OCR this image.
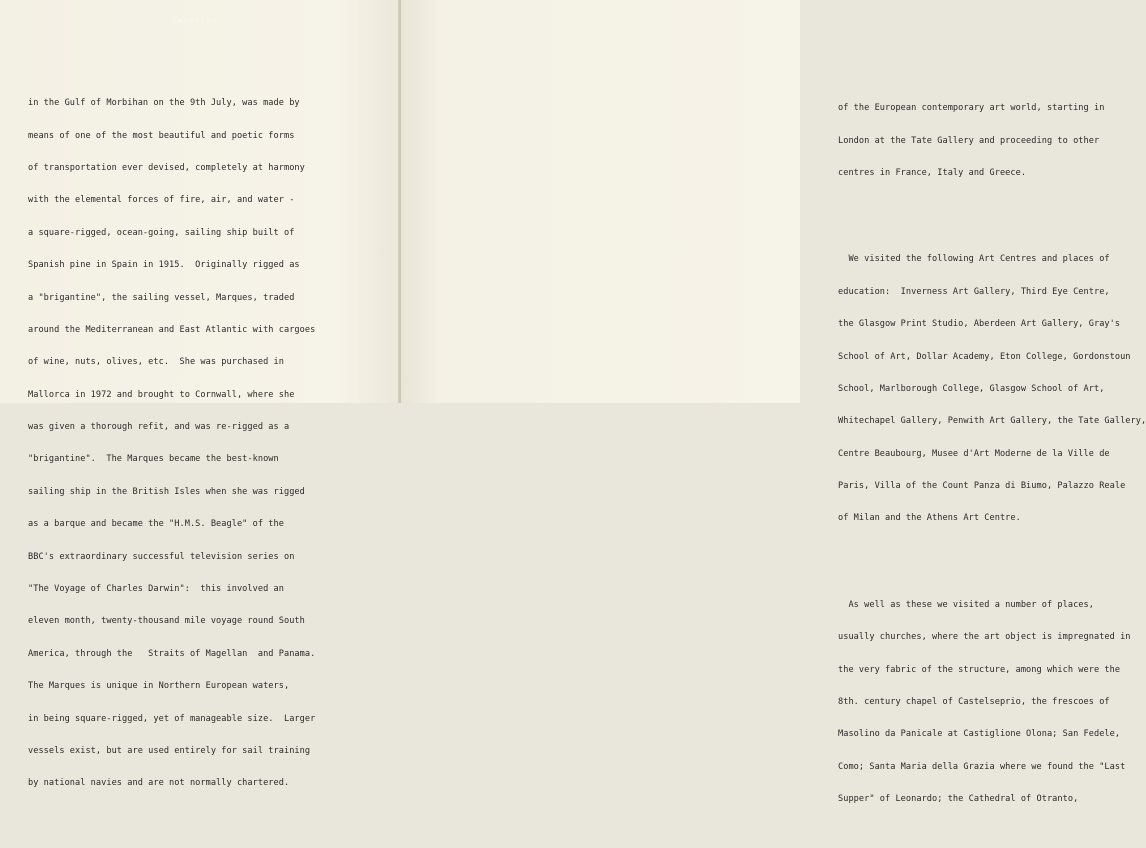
Sapmiles

in the Gulf of Morbihan on the 9th July, was made by

means of one of the most beautiful and poetic forms

of transportation ever devised, completely at harmony

with the elemental forces of fire, air, and water -

a square-rigged, ocean-going, sailing ship built of

Spanish pine in Spain in 1915.  Originally rigged as

a "brigantine", the sailing vessel, Marques, traded

around the Mediterranean and East Atlantic with cargoes

of wine, nuts, olives, etc.  She was purchased in

Mallorca in 1972 and brought to Cornwall, where she

was given a thorough refit, and was re-rigged as a

"brigantine".  The Marques became the best-known

sailing ship in the British Isles when she was rigged

as a barque and became the "H.M.S. Beagle" of the

BBC's extraordinary successful television series on

"The Voyage of Charles Darwin":  this involved an

eleven month, twenty-thousand mile voyage round South

America, through the   Straits of Magellan  and Panama.

The Marques is unique in Northern European waters,

in being square-rigged, yet of manageable size.  Larger

vessels exist, but are used entirely for sail training

by national navies and are not normally chartered.

of the European contemporary art world, starting in

London at the Tate Gallery and proceeding to other

centres in France, Italy and Greece.

We visited the following Art Centres and places of

education:  Inverness Art Gallery, Third Eye Centre,

the Glasgow Print Studio, Aberdeen Art Gallery, Gray's

School of Art, Dollar Academy, Eton College, Gordonstoun

School, Marlborough College, Glasgow School of Art,

Whitechapel Gallery, Penwith Art Gallery, the Tate Gallery,

Centre Beaubourg, Musee d'Art Moderne de la Ville de

Paris, Villa of the Count Panza di Biumo, Palazzo Reale

of Milan and the Athens Art Centre.

As well as these we visited a number of places,

usually churches, where the art object is impregnated in

the very fabric of the structure, among which were the

8th. century chapel of Castelseprio, the frescoes of

Masolino da Panicale at Castiglione Olona; San Fedele,

Como; Santa Maria della Grazia where we found the "Last

Supper" of Leonardo; the Cathedral of Otranto,
